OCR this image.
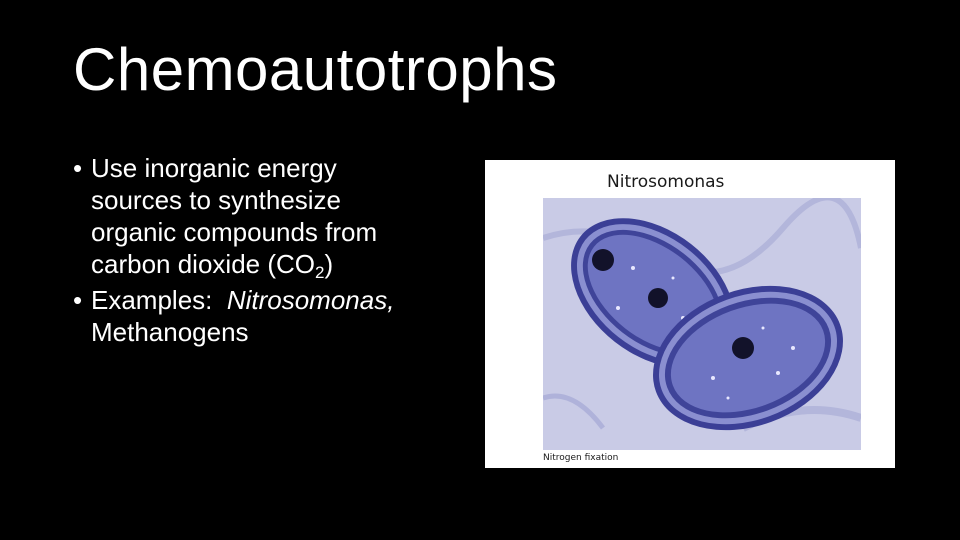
Chemoautotrophs
• Use inorganic energy
sources to synthesize
organic compounds from
carbon dioxide $(CO_2)$
• Examples:  Nitrosomonas,
Methanogens
Nitrosomonas
Nitrogen fixation
